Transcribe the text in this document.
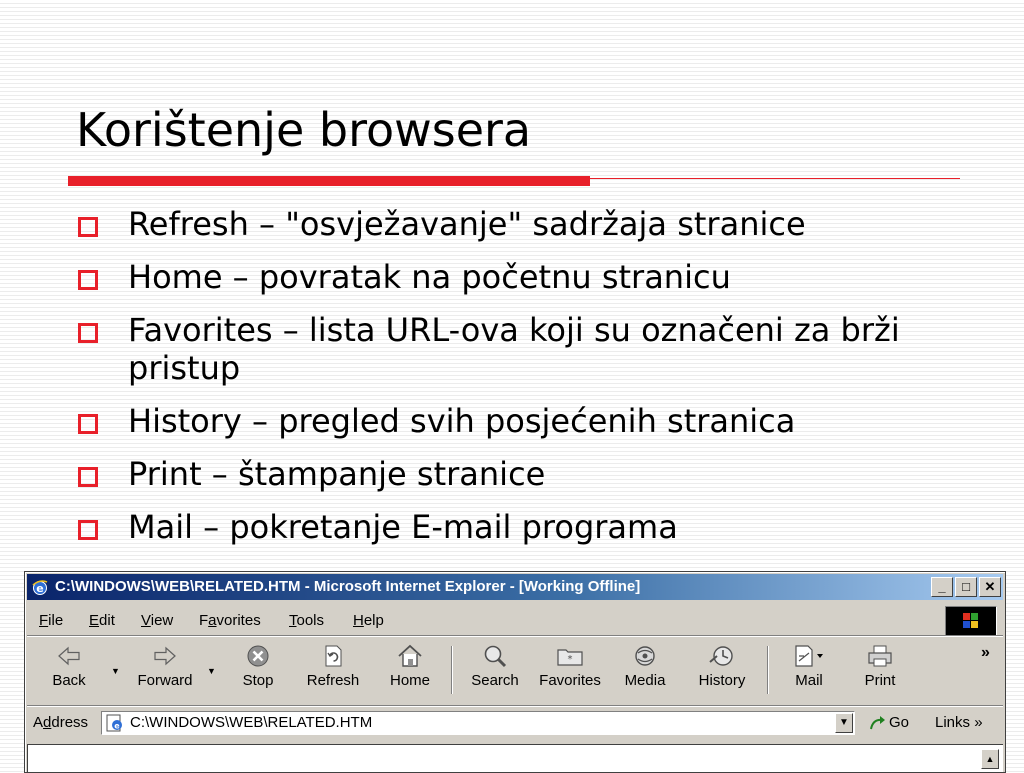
Korištenje browsera
Refresh – "osvježavanje" sadržaja stranice
Home – povratak na početnu stranicu
Favorites – lista URL-ova koji su označeni za brži pristup
History – pregled svih posjećenih stranica
Print – štampanje stranice
Mail – pokretanje E-mail programa
e C:\WINDOWS\WEB\RELATED.HTM - Microsoft Internet Explorer - [Working Offline]	_ □ ✕
File Edit View Favorites Tools Help
Back
▼
Forward
▼
Stop	Refresh	Home	Search
*
Favorites	Media	History	Mail	Print
»
Address	e C:\WINDOWS\WEB\RELATED.HTM	▼	Go Links »
▲
